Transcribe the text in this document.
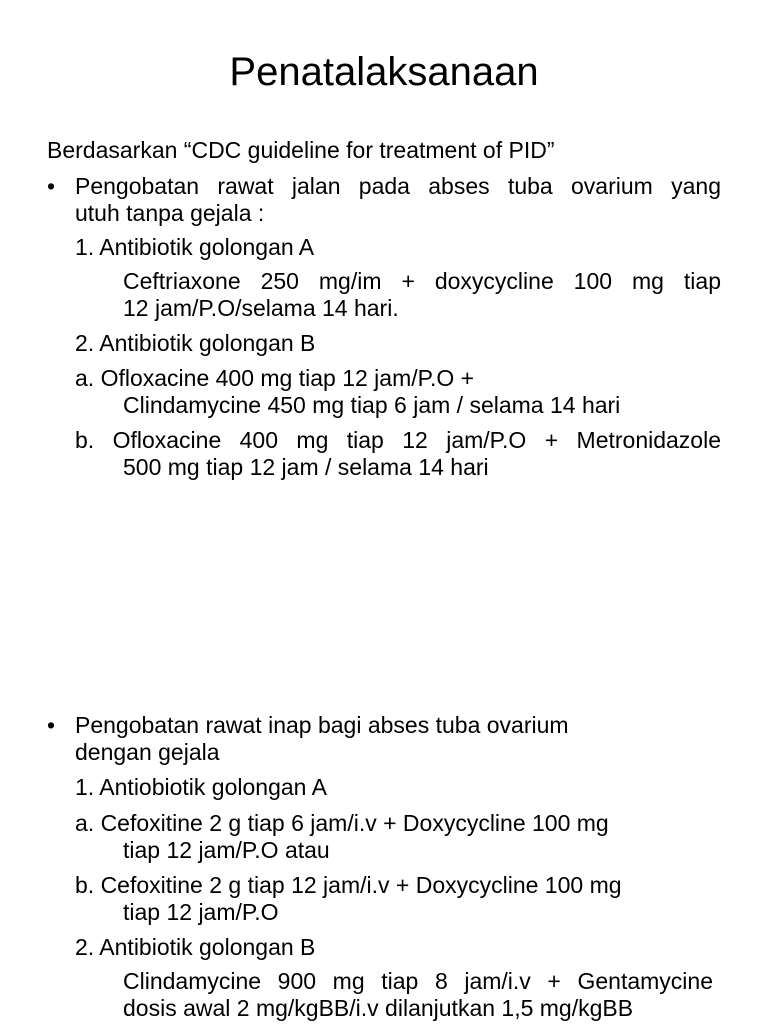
Penatalaksanaan
Berdasarkan “CDC guideline for treatment of PID”
• Pengobatan rawat jalan pada abses tuba ovarium yang
utuh tanpa gejala :
1. Antibiotik golongan A
Ceftriaxone 250 mg/im + doxycycline 100 mg tiap
12 jam/P.O/selama 14 hari.
2. Antibiotik golongan B
a. Ofloxacine 400 mg tiap 12 jam/P.O +
Clindamycine 450 mg tiap 6 jam / selama 14 hari
b. Ofloxacine 400 mg tiap 12 jam/P.O + Metronidazole
500 mg tiap 12 jam / selama 14 hari
• Pengobatan rawat inap bagi abses tuba ovarium
dengan gejala
1. Antiobiotik golongan A
a. Cefoxitine 2 g tiap 6 jam/i.v + Doxycycline 100 mg
tiap 12 jam/P.O atau
b. Cefoxitine 2 g tiap 12 jam/i.v + Doxycycline 100 mg
tiap 12 jam/P.O
2. Antibiotik golongan B
Clindamycine 900 mg tiap 8 jam/i.v + Gentamycine
dosis awal 2 mg/kgBB/i.v dilanjutkan 1,5 mg/kgBB
